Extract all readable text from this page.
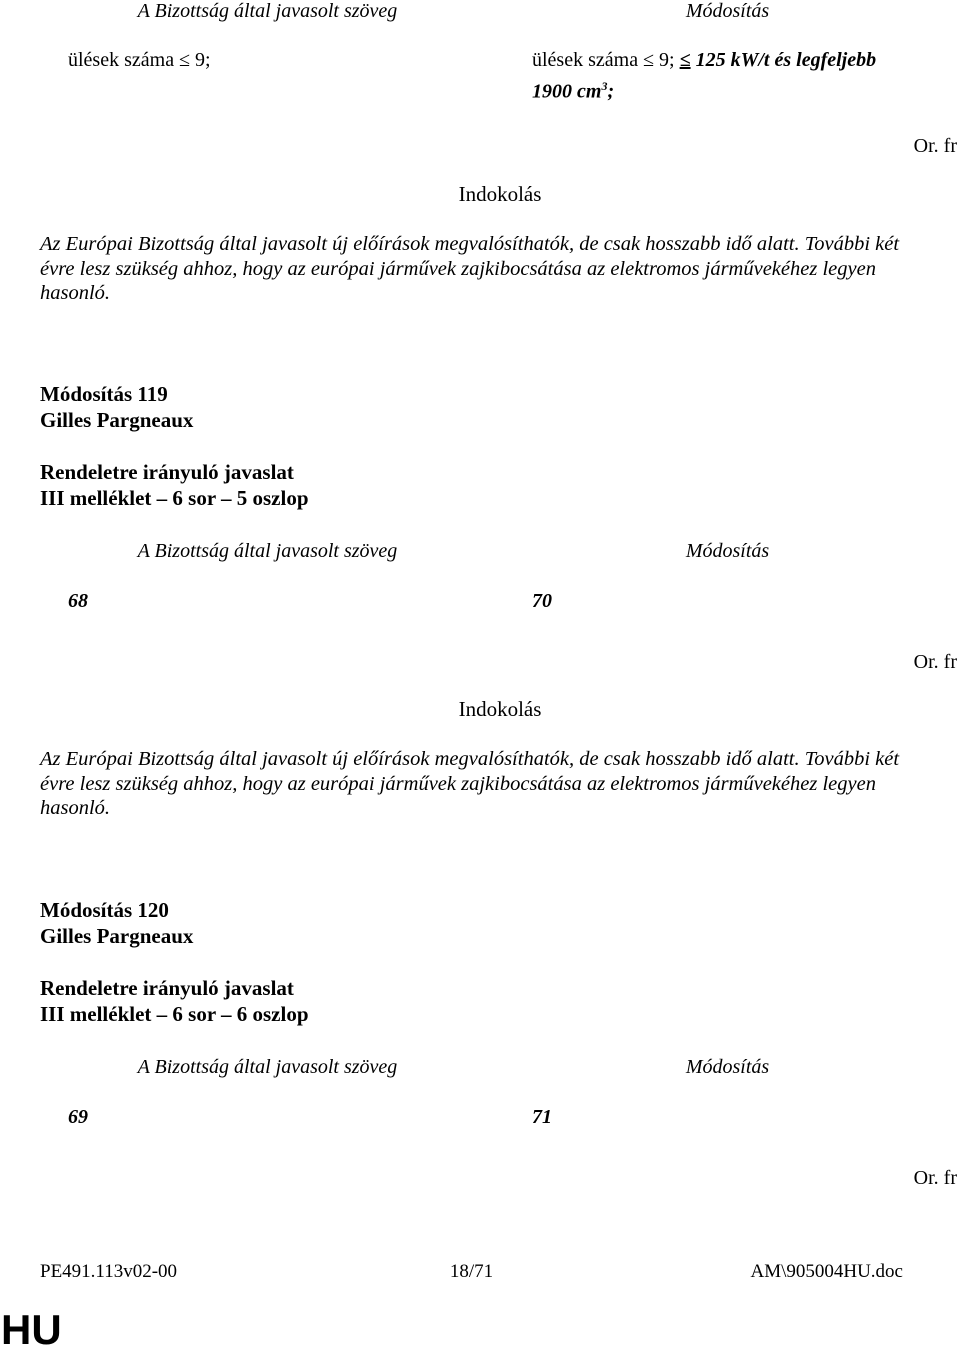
A Bizottság által javasolt szöveg	Módosítás
ülések száma ≤ 9;	ülések száma ≤ 9; ≤ 125 kW/t és legfeljebb
1900 $cm^3$;
Or. fr
Indokolás
Az Európai Bizottság által javasolt új előírások megvalósíthatók, de csak hosszabb idő alatt. További két évre lesz szükség ahhoz, hogy az európai járművek zajkibocsátása az elektromos járművekéhez legyen hasonló.
Módosítás 119
Gilles Pargneaux
Rendeletre irányuló javaslat
III melléklet – 6 sor – 5 oszlop
A Bizottság által javasolt szöveg	Módosítás
68	70
Or. fr
Indokolás
Az Európai Bizottság által javasolt új előírások megvalósíthatók, de csak hosszabb idő alatt. További két évre lesz szükség ahhoz, hogy az európai járművek zajkibocsátása az elektromos járművekéhez legyen hasonló.
Módosítás 120
Gilles Pargneaux
Rendeletre irányuló javaslat
III melléklet – 6 sor – 6 oszlop
A Bizottság által javasolt szöveg	Módosítás
69	71
Or. fr
PE491.113v02-00	18/71	AM\905004HU.doc
HU
